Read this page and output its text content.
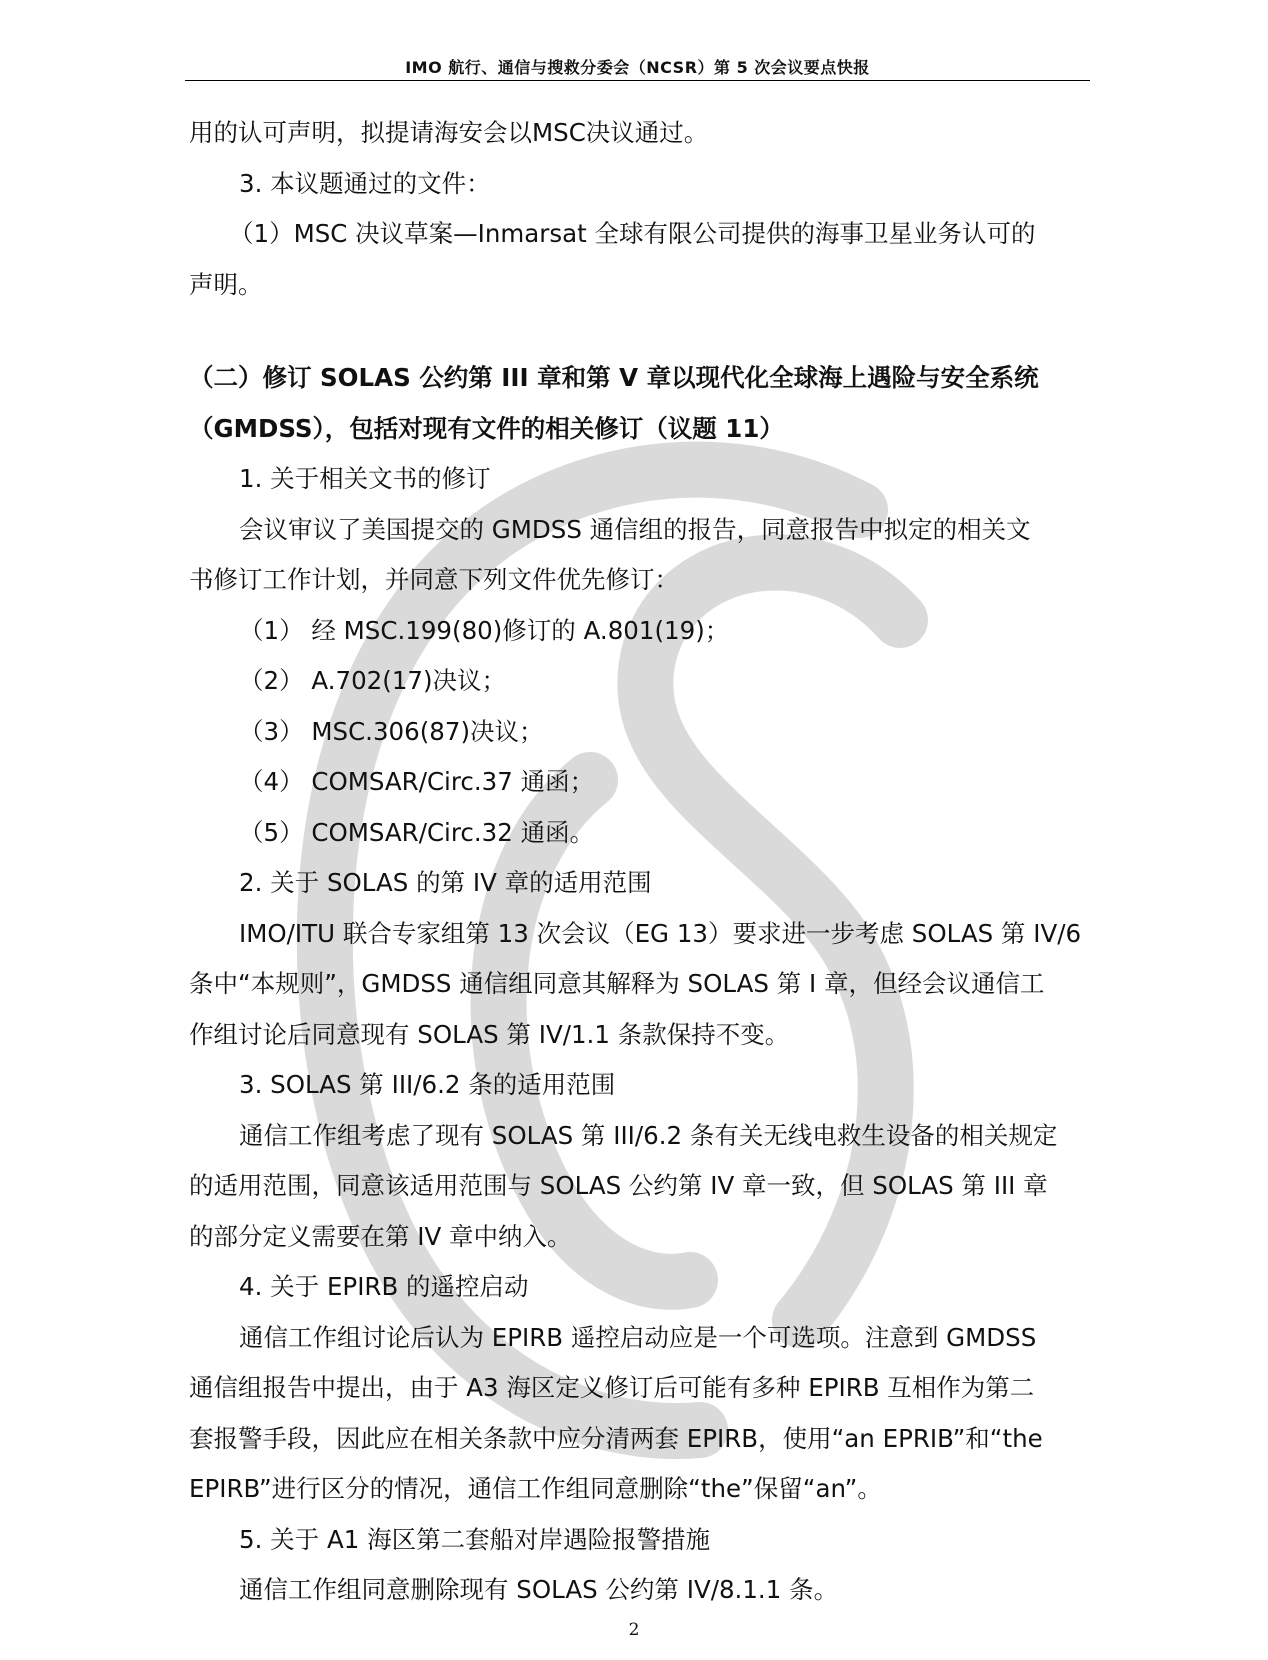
IMO 航行、通信与搜救分委会（NCSR）第 5 次会议要点快报

用的认可声明，拟提请海安会以MSC决议通过。

3. 本议题通过的文件：

（1）MSC 决议草案—Inmarsat 全球有限公司提供的海事卫星业务认可的

声明。

（二）修订 SOLAS 公约第 III 章和第 V 章以现代化全球海上遇险与安全系统

（GMDSS），包括对现有文件的相关修订（议题 11）

1. 关于相关文书的修订

会议审议了美国提交的 GMDSS 通信组的报告，同意报告中拟定的相关文

书修订工作计划，并同意下列文件优先修订：

（1） 经 MSC.199(80)修订的 A.801(19)；

（2） A.702(17)决议；

（3） MSC.306(87)决议；

（4） COMSAR/Circ.37 通函；

（5） COMSAR/Circ.32 通函。

2. 关于 SOLAS 的第 IV 章的适用范围

IMO/ITU 联合专家组第 13 次会议（EG 13）要求进一步考虑 SOLAS 第 IV/6

条中“本规则”，GMDSS 通信组同意其解释为 SOLAS 第 I 章，但经会议通信工

作组讨论后同意现有 SOLAS 第 IV/1.1 条款保持不变。

3. SOLAS 第 III/6.2 条的适用范围

通信工作组考虑了现有 SOLAS 第 III/6.2 条有关无线电救生设备的相关规定

的适用范围，同意该适用范围与 SOLAS 公约第 IV 章一致，但 SOLAS 第 III 章

的部分定义需要在第 IV 章中纳入。

4. 关于 EPIRB 的遥控启动

通信工作组讨论后认为 EPIRB 遥控启动应是一个可选项。注意到 GMDSS

通信组报告中提出，由于 A3 海区定义修订后可能有多种 EPIRB 互相作为第二

套报警手段，因此应在相关条款中应分清两套 EPIRB，使用“an EPRIB”和“the

EPIRB”进行区分的情况，通信工作组同意删除“the”保留“an”。

5. 关于 A1 海区第二套船对岸遇险报警措施

通信工作组同意删除现有 SOLAS 公约第 IV/8.1.1 条。

2
